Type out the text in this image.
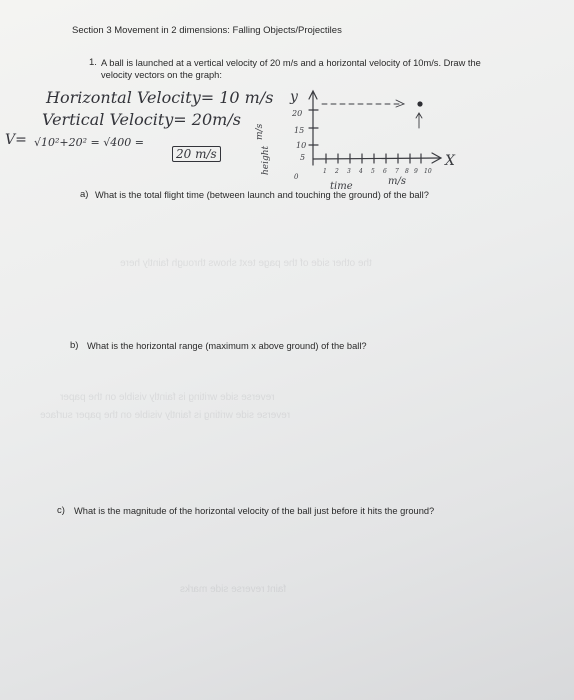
the other side of the page text shows through faintly here
reverse side writing is faintly visible on the paper
reverse side writing is faintly visible on the paper surface
faint reverse side marks
Section 3 Movement in 2 dimensions: Falling Objects/Projectiles
1. A ball is launched at a vertical velocity of 20 m/s and a horizontal velocity of 10m/s. Draw the
velocity vectors on the graph:
Horizontal Velocity= 10 m/s
Vertical Velocity= 20m/s
V= √10²+20² = √400 =
20 m/s
y
X
20
15
10
5
0
1 2 3 4 5 6 7 8 9 10
height
m/s
time	m/s
a) What is the total flight time (between launch and touching the ground) of the ball?
b) What is the horizontal range (maximum x above ground) of the ball?
c) What is the magnitude of the horizontal velocity of the ball just before it hits the ground?
